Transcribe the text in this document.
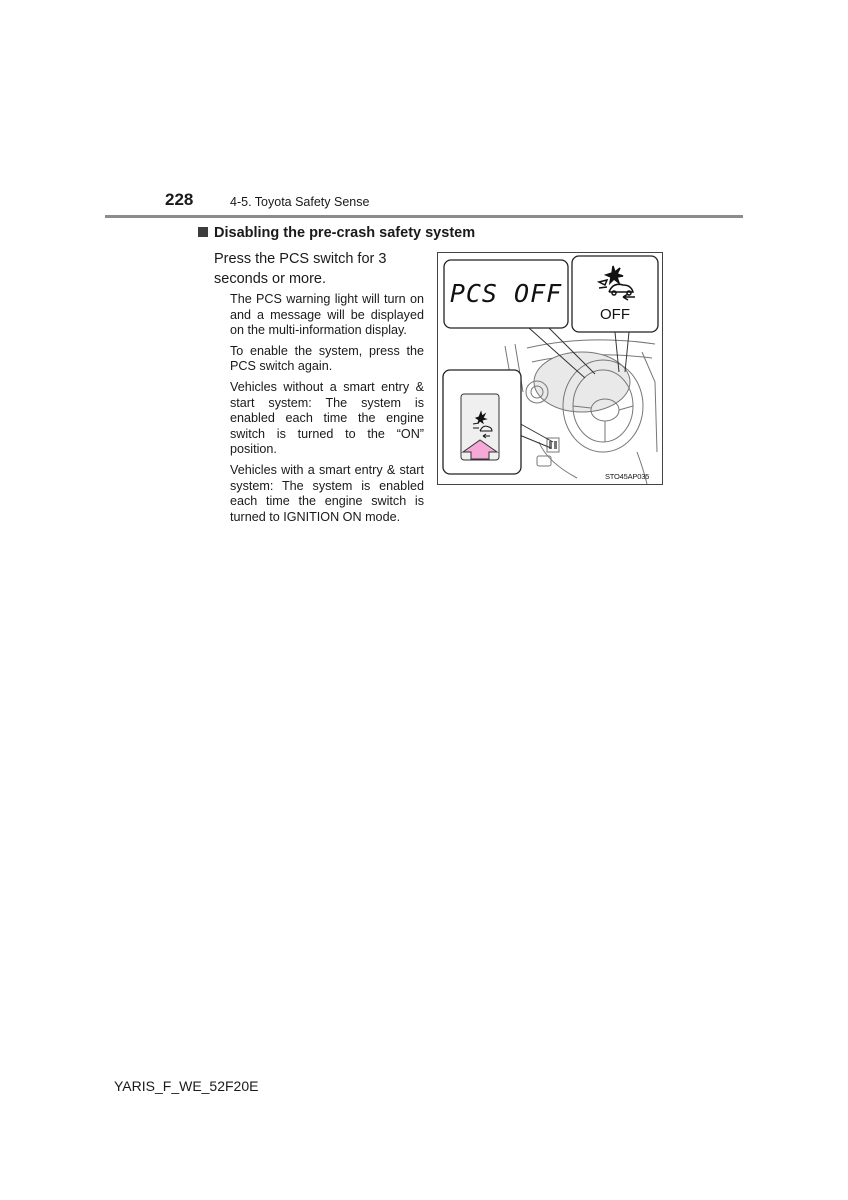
228	4-5. Toyota Safety Sense
Disabling the pre-crash safety system
Press the PCS switch for 3 seconds or more.

The PCS warning light will turn on and a message will be displayed on the multi-information display.

To enable the system, press the PCS switch again.

Vehicles without a smart entry & start system: The system is enabled each time the engine switch is turned to the “ON” position.

Vehicles with a smart entry & start system: The system is enabled each time the engine switch is turned to IGNITION ON mode.

PCS OFF
OFF
STO45AP035
YARIS_F_WE_52F20E
